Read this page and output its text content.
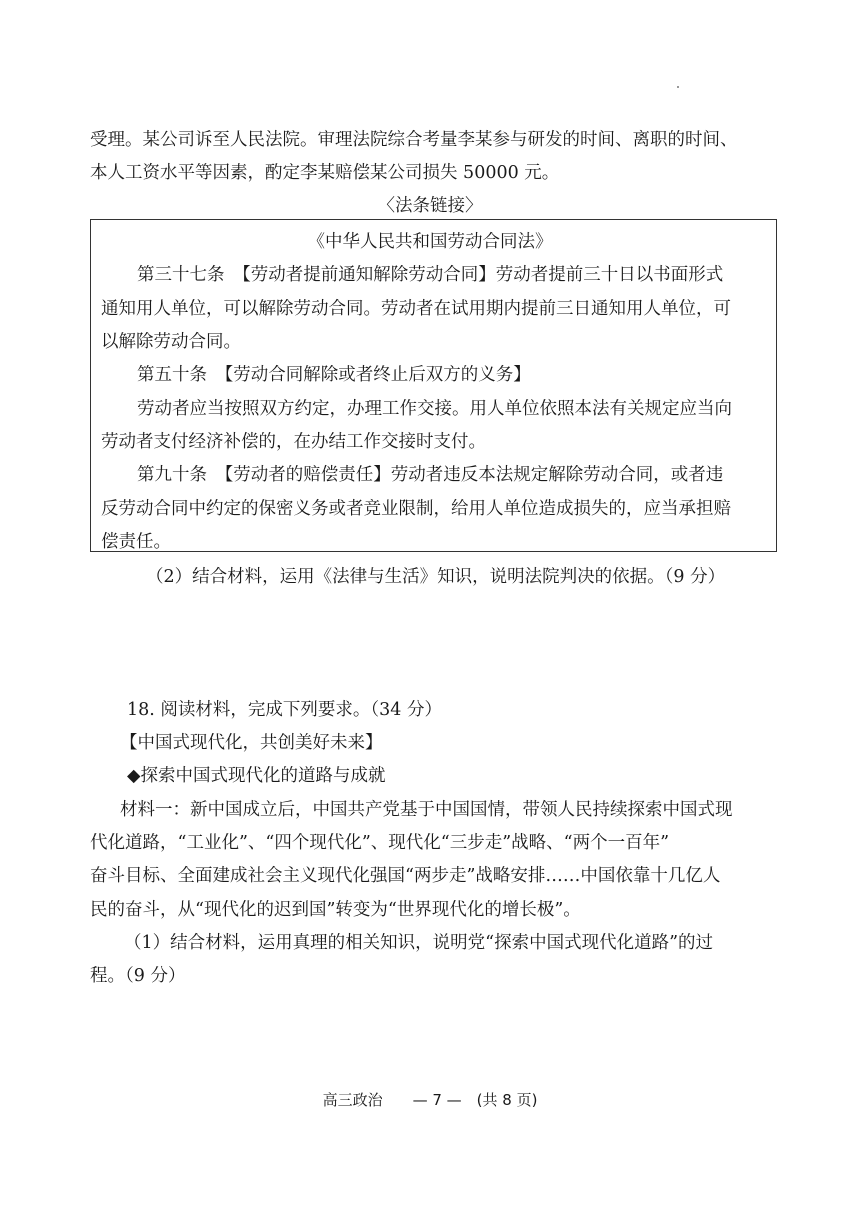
受理。某公司诉至人民法院。审理法院综合考量李某参与研发的时间、离职的时间、
本人工资水平等因素，酌定李某赔偿某公司损失 50000 元。
〈法条链接〉
《中华人民共和国劳动合同法》
第三十七条　【劳动者提前通知解除劳动合同】劳动者提前三十日以书面形式
通知用人单位，可以解除劳动合同。劳动者在试用期内提前三日通知用人单位，可
以解除劳动合同。
第五十条　【劳动合同解除或者终止后双方的义务】
劳动者应当按照双方约定，办理工作交接。用人单位依照本法有关规定应当向
劳动者支付经济补偿的，在办结工作交接时支付。
第九十条　【劳动者的赔偿责任】劳动者违反本法规定解除劳动合同，或者违
反劳动合同中约定的保密义务或者竞业限制，给用人单位造成损失的，应当承担赔
偿责任。
（2）结合材料，运用《法律与生活》知识，说明法院判决的依据。（9 分）
18. 阅读材料，完成下列要求。（34 分）
【中国式现代化，共创美好未来】
◆探索中国式现代化的道路与成就
材料一：新中国成立后，中国共产党基于中国国情，带领人民持续探索中国式现
代化道路，“工业化”、“四个现代化”、现代化“三步走”战略、“两个一百年”
奋斗目标、全面建成社会主义现代化强国“两步走”战略安排……中国依靠十几亿人
民的奋斗，从“现代化的迟到国”转变为“世界现代化的增长极”。
（1）结合材料，运用真理的相关知识，说明党“探索中国式现代化道路”的过
程。（9 分）
高三政治　　— 7 —　(共 8 页)
